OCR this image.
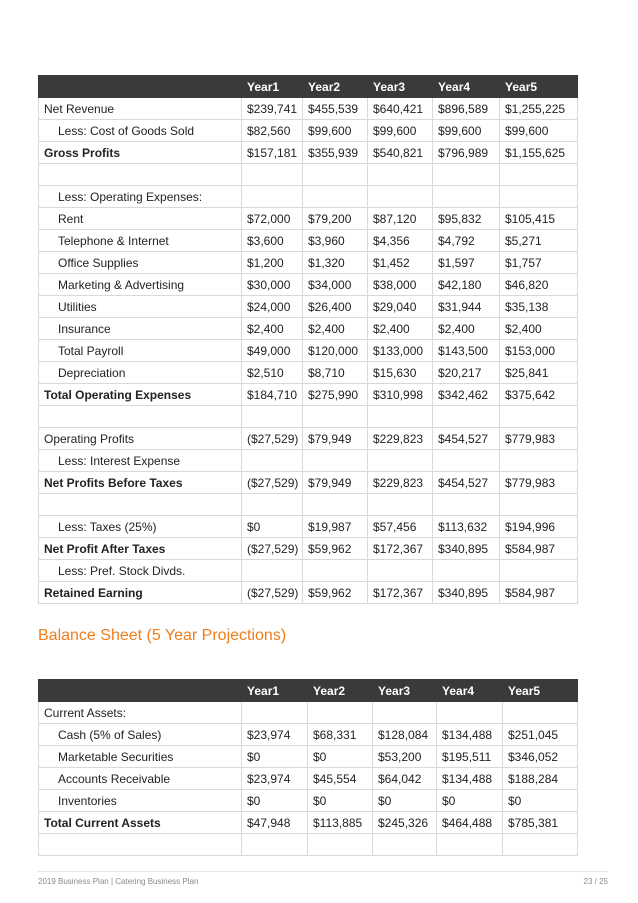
	Year1	Year2	Year3	Year4	Year5
Net Revenue	$239,741	$455,539	$640,421	$896,589	$1,255,225
Less: Cost of Goods Sold	$82,560	$99,600	$99,600	$99,600	$99,600
Gross Profits	$157,181	$355,939	$540,821	$796,989	$1,155,625

Less: Operating Expenses:					
Rent	$72,000	$79,200	$87,120	$95,832	$105,415
Telephone & Internet	$3,600	$3,960	$4,356	$4,792	$5,271
Office Supplies	$1,200	$1,320	$1,452	$1,597	$1,757
Marketing & Advertising	$30,000	$34,000	$38,000	$42,180	$46,820
Utilities	$24,000	$26,400	$29,040	$31,944	$35,138
Insurance	$2,400	$2,400	$2,400	$2,400	$2,400
Total Payroll	$49,000	$120,000	$133,000	$143,500	$153,000
Depreciation	$2,510	$8,710	$15,630	$20,217	$25,841
Total Operating Expenses	$184,710	$275,990	$310,998	$342,462	$375,642

Operating Profits	($27,529)	$79,949	$229,823	$454,527	$779,983
Less: Interest Expense					
Net Profits Before Taxes	($27,529)	$79,949	$229,823	$454,527	$779,983

Less: Taxes (25%)	$0	$19,987	$57,456	$113,632	$194,996
Net Profit After Taxes	($27,529)	$59,962	$172,367	$340,895	$584,987
Less: Pref. Stock Divds.					
Retained Earning	($27,529)	$59,962	$172,367	$340,895	$584,987
Balance Sheet (5 Year Projections)
	Year1	Year2	Year3	Year4	Year5
Current Assets:					
Cash (5% of Sales)	$23,974	$68,331	$128,084	$134,488	$251,045
Marketable Securities	$0	$0	$53,200	$195,511	$346,052
Accounts Receivable	$23,974	$45,554	$64,042	$134,488	$188,284
Inventories	$0	$0	$0	$0	$0
Total Current Assets	$47,948	$113,885	$245,326	$464,488	$785,381

2019 Business Plan | Catering Business Plan	23 / 25
